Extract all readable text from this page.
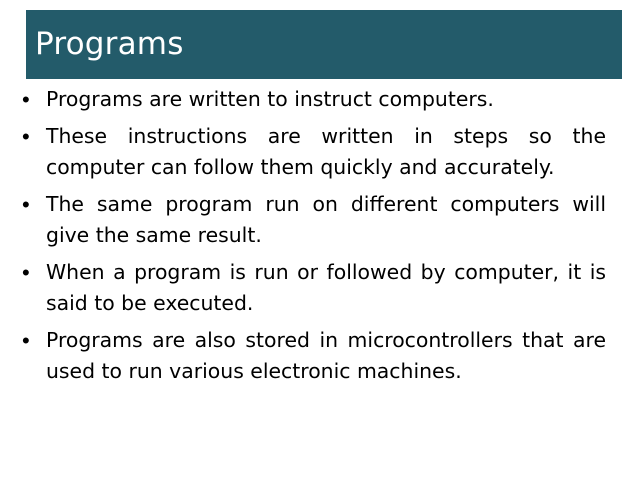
Programs
• Programs are written to instruct computers.
• These instructions are written in steps so the computer can follow them quickly and accurately.
• The same program run on different computers will give the same result.
• When a program is run or followed by computer, it is said to be executed.
• Programs are also stored in microcontrollers that are used to run various electronic machines.
